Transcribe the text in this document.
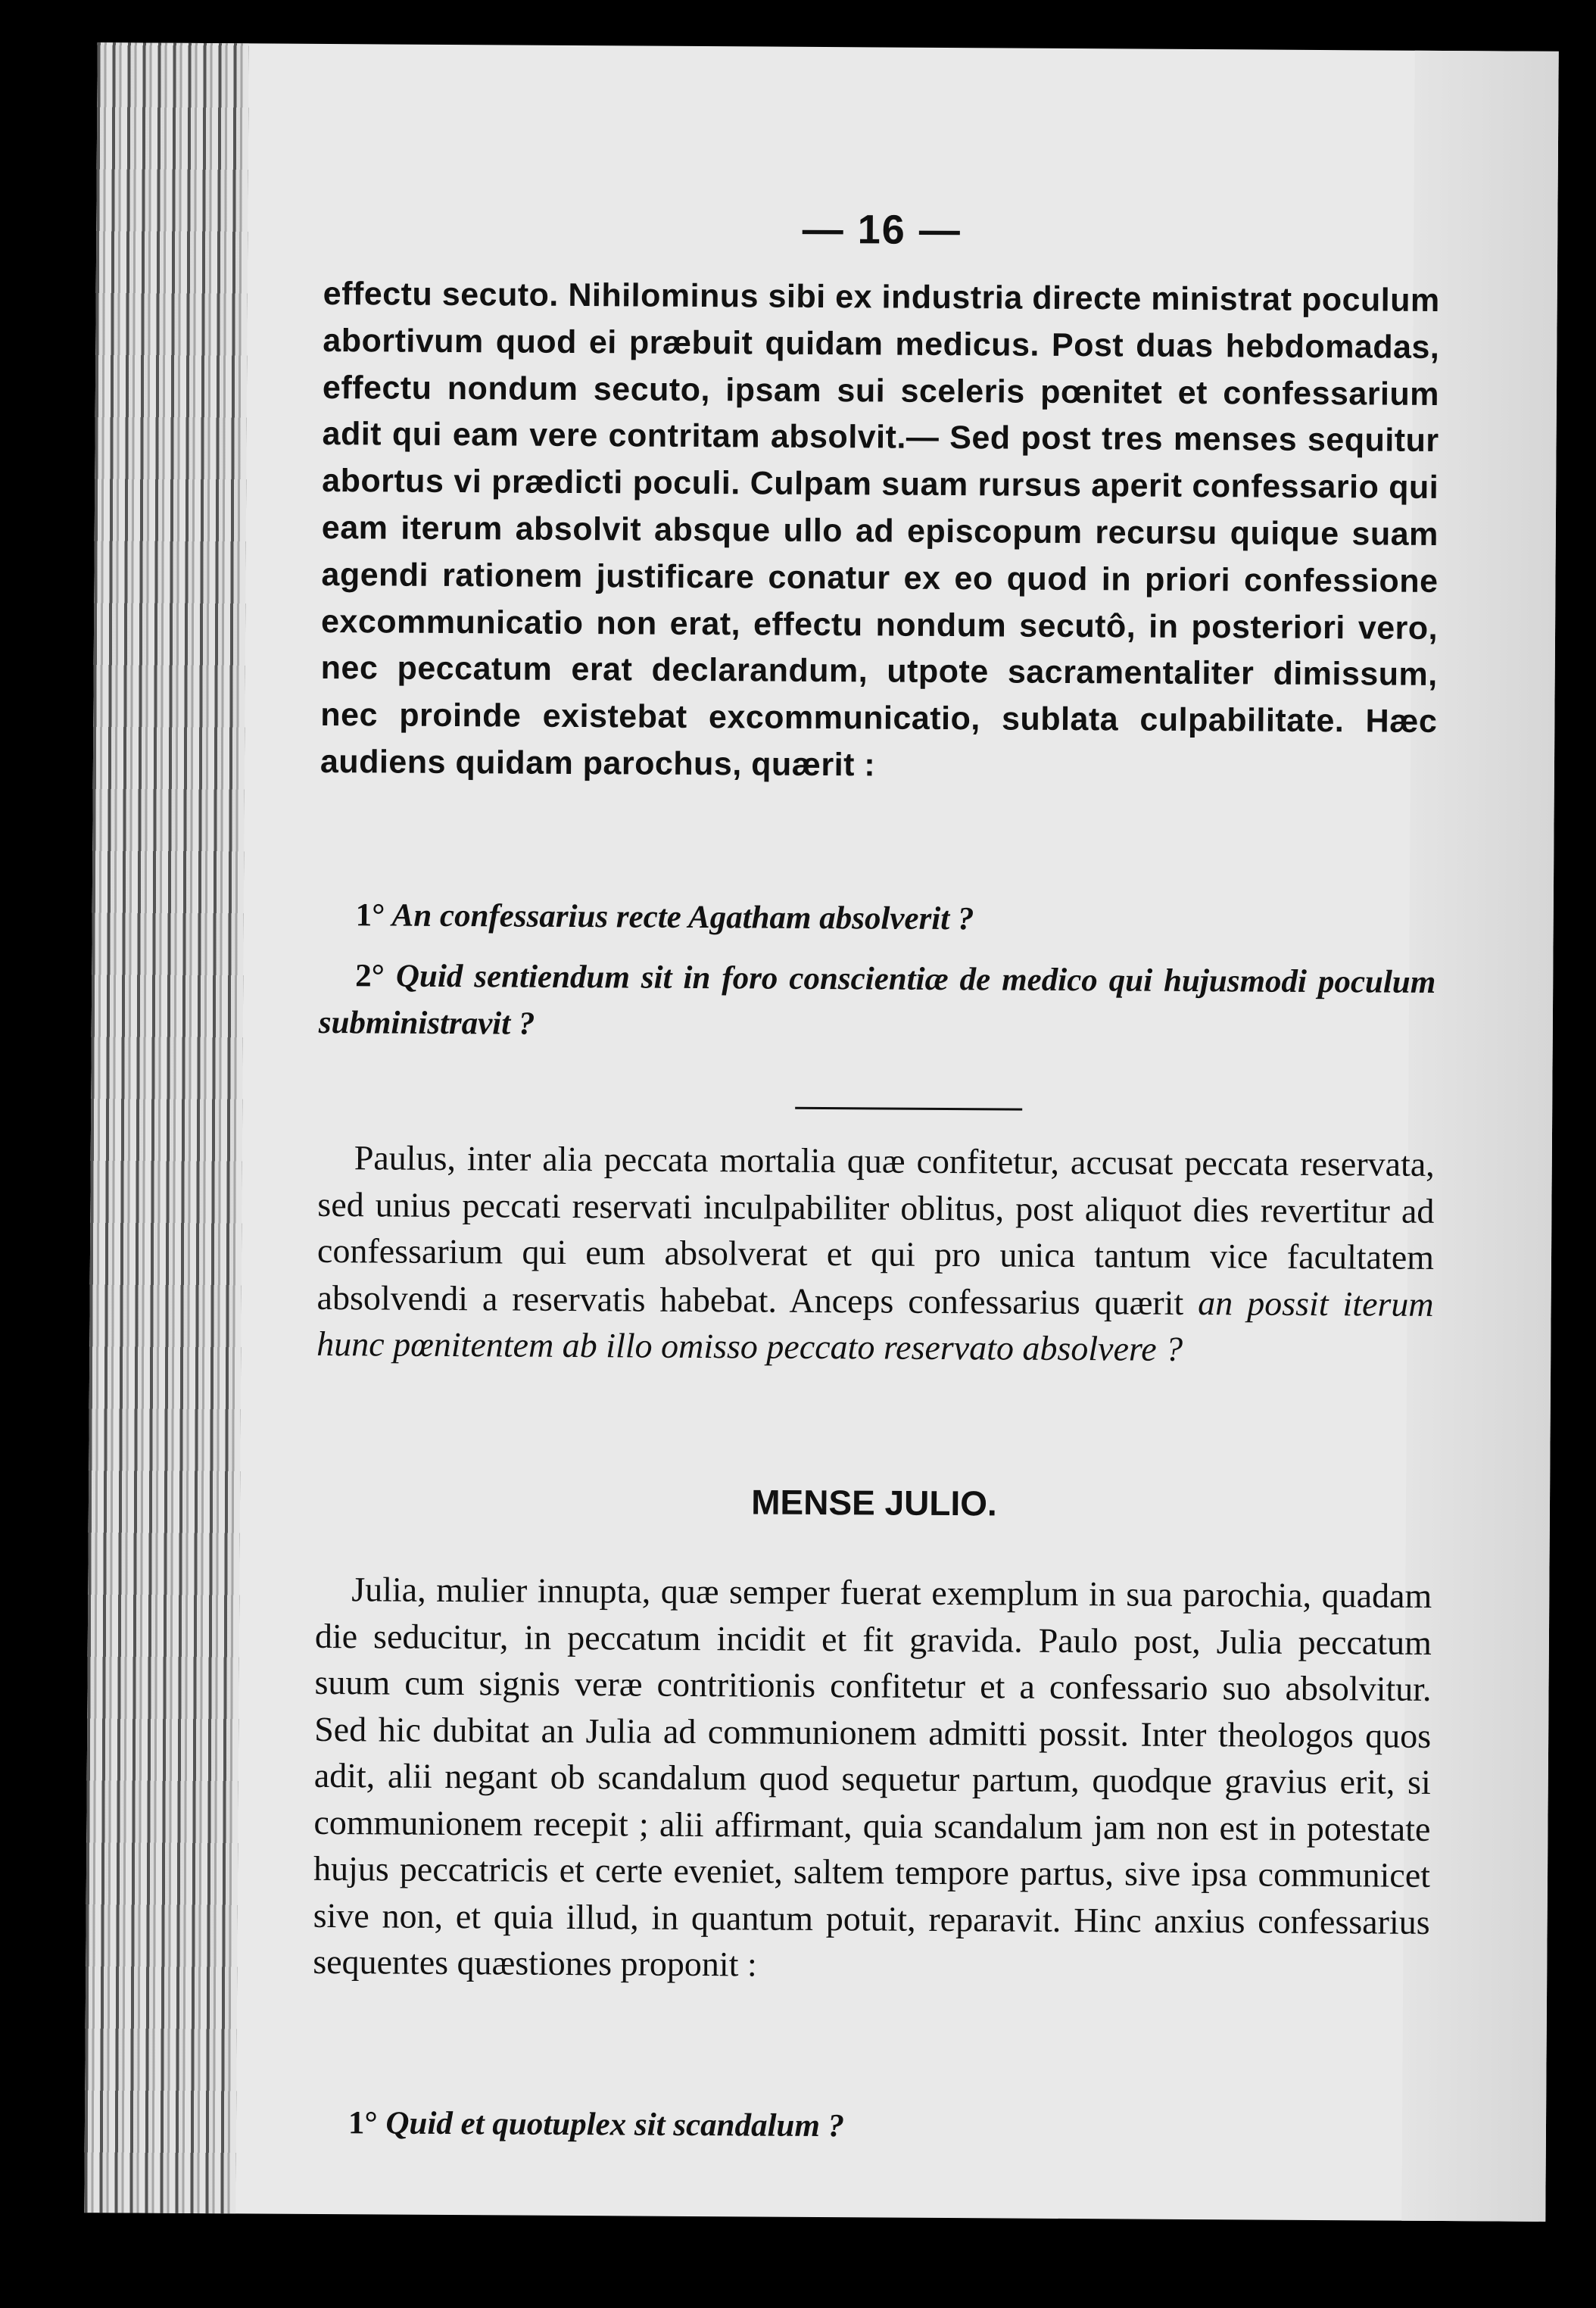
— 16 —

effectu secuto. Nihilominus sibi ex industria directe ministrat poculum abortivum quod ei præbuit quidam medicus. Post duas hebdomadas, effectu nondum secuto, ipsam sui sceleris pœnitet et confessarium adit qui eam vere contritam absolvit.— Sed post tres menses sequitur abortus vi prædicti poculi. Culpam suam rursus aperit confessario qui eam iterum absolvit absque ullo ad episcopum recursu quique suam agendi rationem justificare conatur ex eo quod in priori confessione excommunicatio non erat, effectu nondum secutô, in posteriori vero, nec peccatum erat declarandum, utpote sacramentaliter dimissum, nec proinde existebat excommunicatio, sublata culpabilitate. Hæc audiens quidam parochus, quærit :

1° An confessarius recte Agatham absolverit ?

2° Quid sentiendum sit in foro conscientiæ de medico qui hujusmodi poculum subministravit ?

Paulus, inter alia peccata mortalia quæ confitetur, accusat peccata reservata, sed unius peccati reservati inculpabiliter oblitus, post aliquot dies revertitur ad confessarium qui eum absolverat et qui pro unica tantum vice facultatem absolvendi a reservatis habebat. Anceps confessarius quærit an possit iterum hunc pœnitentem ab illo omisso peccato reservato absolvere ?

MENSE JULIO.

Julia, mulier innupta, quæ semper fuerat exemplum in sua parochia, quadam die seducitur, in peccatum incidit et fit gravida. Paulo post, Julia peccatum suum cum signis veræ contritionis confitetur et a confessario suo absolvitur. Sed hic dubitat an Julia ad communionem admitti possit. Inter theologos quos adit, alii negant ob scandalum quod sequetur partum, quodque gravius erit, si communionem recepit ; alii affirmant, quia scandalum jam non est in potestate hujus peccatricis et certe eveniet, saltem tempore partus, sive ipsa communicet sive non, et quia illud, in quantum potuit, reparavit. Hinc anxius confessarius sequentes quæstiones proponit :

1° Quid et quotuplex sit scandalum ?
